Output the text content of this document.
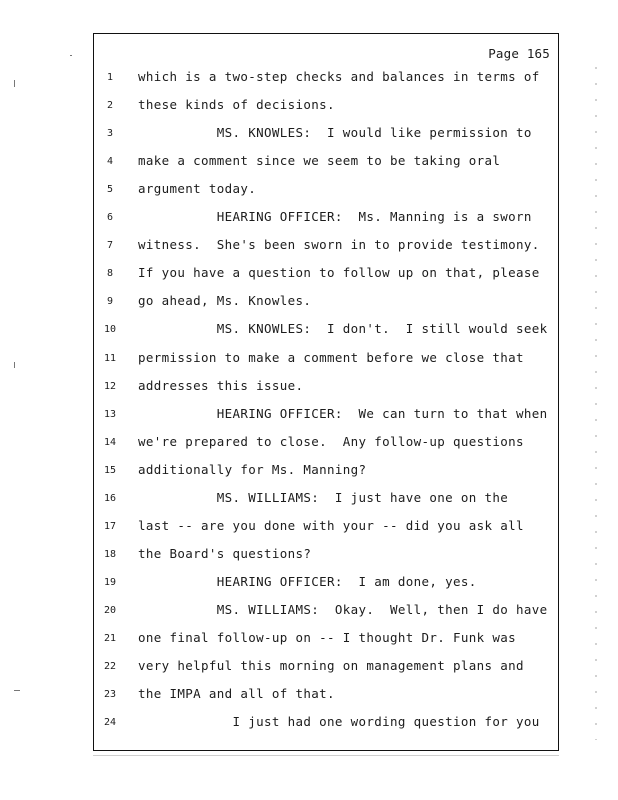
Page 165
1	which is a two-step checks and balances in terms of
2	these kinds of decisions.
3	MS. KNOWLES:  I would like permission to
4	make a comment since we seem to be taking oral
5	argument today.
6	HEARING OFFICER:  Ms. Manning is a sworn
7	witness.  She's been sworn in to provide testimony.
8	If you have a question to follow up on that, please
9	go ahead, Ms. Knowles.
10	MS. KNOWLES:  I don't.  I still would seek
11	permission to make a comment before we close that
12	addresses this issue.
13	HEARING OFFICER:  We can turn to that when
14	we're prepared to close.  Any follow-up questions
15	additionally for Ms. Manning?
16	MS. WILLIAMS:  I just have one on the
17	last -- are you done with your -- did you ask all
18	the Board's questions?
19	HEARING OFFICER:  I am done, yes.
20	MS. WILLIAMS:  Okay.  Well, then I do have
21	one final follow-up on -- I thought Dr. Funk was
22	very helpful this morning on management plans and
23	the IMPA and all of that.
24	I just had one wording question for you
